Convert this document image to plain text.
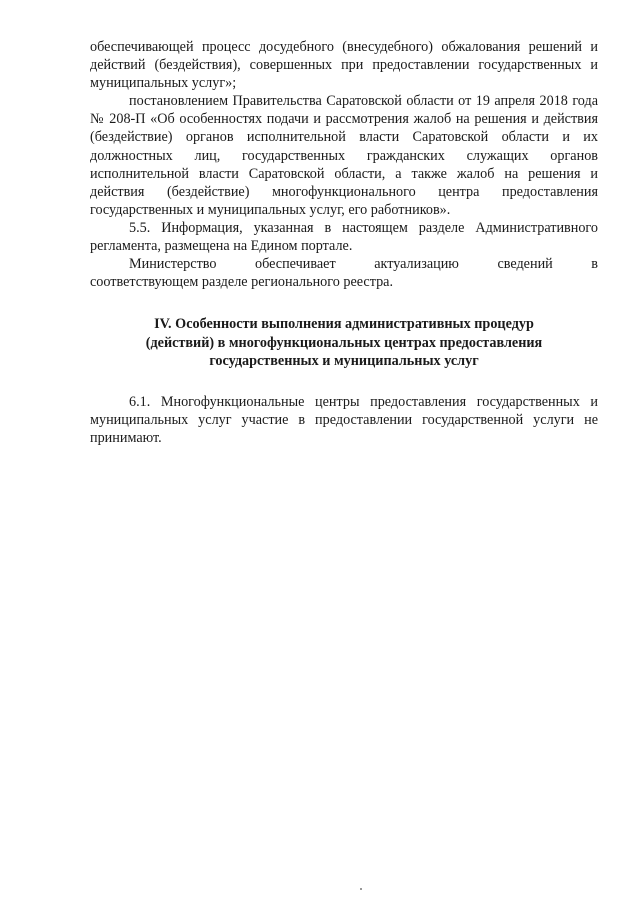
обеспечивающей процесс досудебного (внесудебного) обжалования решений и действий (бездействия), совершенных при предоставлении государственных и муниципальных услуг»;

постановлением Правительства Саратовской области от 19 апреля 2018 года № 208-П «Об особенностях подачи и рассмотрения жалоб на решения и действия (бездействие) органов исполнительной власти Саратовской области и их должностных лиц, государственных гражданских служащих органов исполнительной власти Саратовской области, а также жалоб на решения и действия (бездействие) многофункционального центра предоставления государственных и муниципальных услуг, его работников».

5.5. Информация, указанная в настоящем разделе Административного регламента, размещена на Едином портале.

Министерство	обеспечивает	актуализацию	сведений	в
соответствующем разделе регионального реестра.
IV. Особенности выполнения административных процедур (действий) в многофункциональных центрах предоставления государственных и муниципальных услуг

6.1. Многофункциональные центры предоставления государственных и муниципальных услуг участие в предоставлении государственной услуги не принимают.
